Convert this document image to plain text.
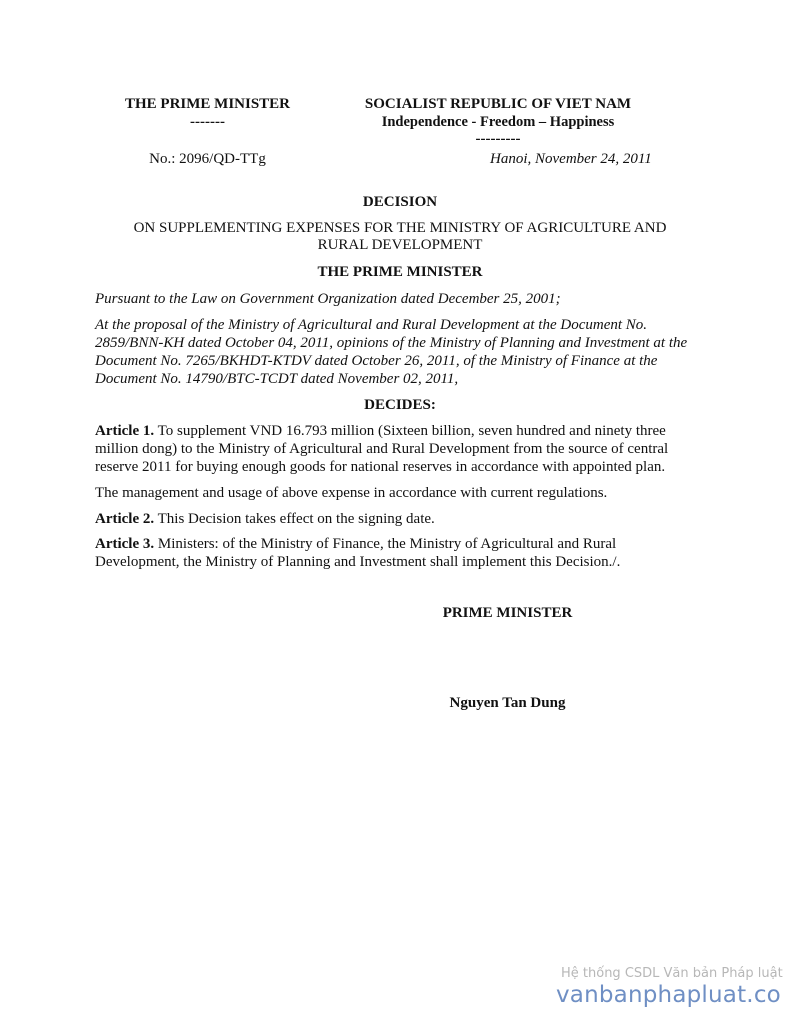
THE PRIME MINISTER
-------
No.: 2096/QD-TTg
SOCIALIST REPUBLIC OF VIET NAM
Independence - Freedom – Happiness
---------
Hanoi, November 24, 2011
DECISION
ON SUPPLEMENTING EXPENSES FOR THE MINISTRY OF AGRICULTURE AND RURAL DEVELOPMENT
THE PRIME MINISTER
Pursuant to the Law on Government Organization dated December 25, 2001;
At the proposal of the Ministry of Agricultural and Rural Development at the Document No. 2859/BNN-KH dated October 04, 2011, opinions of the Ministry of Planning and Investment at the Document No. 7265/BKHDT-KTDV dated October 26, 2011, of the Ministry of Finance at the Document No. 14790/BTC-TCDT dated November 02, 2011,
DECIDES:
Article 1. To supplement VND 16.793 million (Sixteen billion, seven hundred and ninety three million dong) to the Ministry of Agricultural and Rural Development from the source of central reserve 2011 for buying enough goods for national reserves in accordance with appointed plan.
The management and usage of above expense in accordance with current regulations.
Article 2. This Decision takes effect on the signing date.
Article 3. Ministers: of the Ministry of Finance, the Ministry of Agricultural and Rural Development, the Ministry of Planning and Investment shall implement this Decision./.
PRIME MINISTER
Nguyen Tan Dung
Hệ thống CSDL Văn bản Pháp luật
vanbanphapluat.co
